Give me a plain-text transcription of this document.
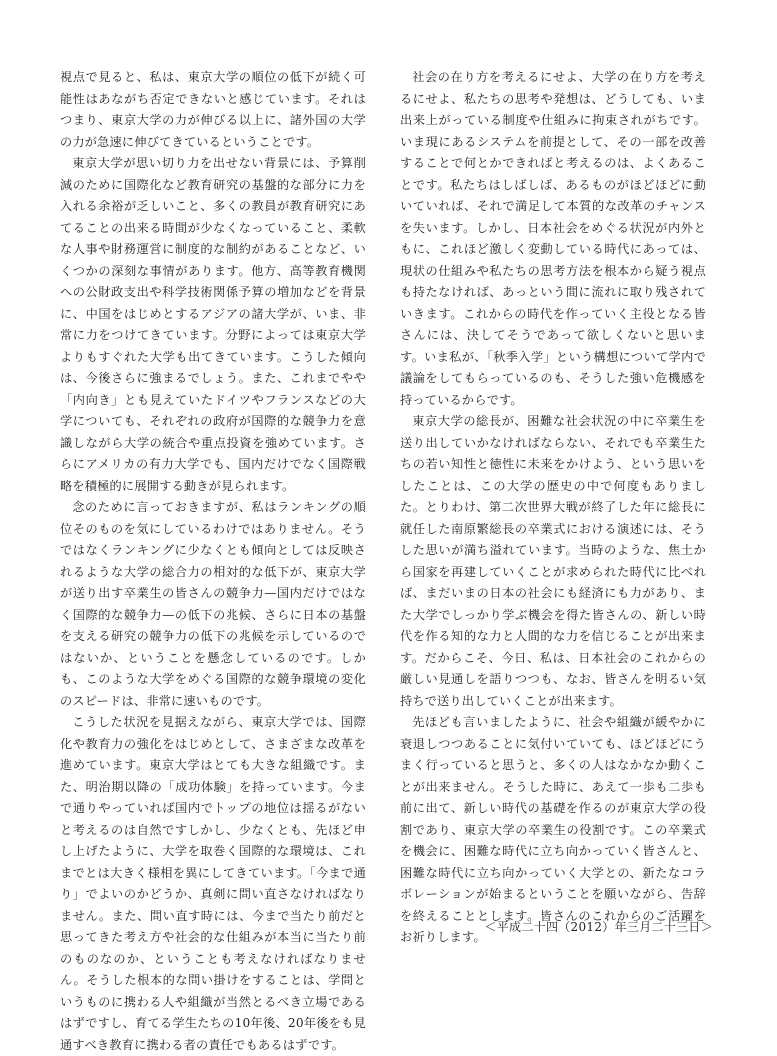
視点で見ると、私は、東京大学の順位の低下が続く可能性はあながち否定できないと感じています。それはつまり、東京大学の力が伸びる以上に、諸外国の大学の力が急速に伸びてきているということです。

東京大学が思い切り力を出せない背景には、予算削減のために国際化など教育研究の基盤的な部分に力を入れる余裕が乏しいこと、多くの教員が教育研究にあてることの出来る時間が少なくなっていること、柔軟な人事や財務運営に制度的な制約があることなど、いくつかの深刻な事情があります。他方、高等教育機関への公財政支出や科学技術関係予算の増加などを背景に、中国をはじめとするアジアの諸大学が、いま、非常に力をつけてきています。分野によっては東京大学よりもすぐれた大学も出てきています。こうした傾向は、今後さらに強まるでしょう。また、これまでやや「内向き」とも見えていたドイツやフランスなどの大学についても、それぞれの政府が国際的な競争力を意識しながら大学の統合や重点投資を強めています。さらにアメリカの有力大学でも、国内だけでなく国際戦略を積極的に展開する動きが見られます。

念のために言っておきますが、私はランキングの順位そのものを気にしているわけではありません。そうではなくランキングに少なくとも傾向としては反映されるような大学の総合力の相対的な低下が、東京大学が送り出す卒業生の皆さんの競争力—国内だけではなく国際的な競争力—の低下の兆候、さらに日本の基盤を支える研究の競争力の低下の兆候を示しているのではないか、ということを懸念しているのです。しかも、このような大学をめぐる国際的な競争環境の変化のスピードは、非常に速いものです。

こうした状況を見据えながら、東京大学では、国際化や教育力の強化をはじめとして、さまざまな改革を進めています。東京大学はとても大きな組織です。また、明治期以降の「成功体験」を持っています。今まで通りやっていれば国内でトップの地位は揺るがないと考えるのは自然ですしかし、少なくとも、先ほど申し上げたように、大学を取巻く国際的な環境は、これまでとは大きく様相を異にしてきています。「今まで通り」でよいのかどうか、真剣に問い直さなければなりません。また、問い直す時には、今まで当たり前だと思ってきた考え方や社会的な仕組みが本当に当たり前のものなのか、ということも考えなければなりません。そうした根本的な問い掛けをすることは、学問というものに携わる人や組織が当然とるべき立場であるはずですし、育てる学生たちの10年後、20年後をも見通すべき教育に携わる者の責任でもあるはずです。

社会の在り方を考えるにせよ、大学の在り方を考えるにせよ、私たちの思考や発想は、どうしても、いま出来上がっている制度や仕組みに拘束されがちです。いま現にあるシステムを前提として、その一部を改善することで何とかできればと考えるのは、よくあることです。私たちはしばしば、あるものがほどほどに動いていれば、それで満足して本質的な改革のチャンスを失います。しかし、日本社会をめぐる状況が内外ともに、これほど激しく変動している時代にあっては、現状の仕組みや私たちの思考方法を根本から疑う視点も持たなければ、あっという間に流れに取り残されていきます。これからの時代を作っていく主役となる皆さんには、決してそうであって欲しくないと思います。いま私が、「秋季入学」という構想について学内で議論をしてもらっているのも、そうした強い危機感を持っているからです。

東京大学の総長が、困難な社会状況の中に卒業生を送り出していかなければならない、それでも卒業生たちの若い知性と徳性に未来をかけよう、という思いをしたことは、この大学の歴史の中で何度もありました。とりわけ、第二次世界大戦が終了した年に総長に就任した南原繁総長の卒業式における演述には、そうした思いが満ち溢れています。当時のような、焦土から国家を再建していくことが求められた時代に比べれば、まだいまの日本の社会にも経済にも力があり、また大学でしっかり学ぶ機会を得た皆さんの、新しい時代を作る知的な力と人間的な力を信じることが出来ます。だからこそ、今日、私は、日本社会のこれからの厳しい見通しを語りつつも、なお、皆さんを明るい気持ちで送り出していくことが出来ます。

先ほども言いましたように、社会や組織が緩やかに衰退しつつあることに気付いていても、ほどほどにうまく行っていると思うと、多くの人はなかなか動くことが出来ません。そうした時に、あえて一歩も二歩も前に出て、新しい時代の基礎を作るのが東京大学の役割であり、東京大学の卒業生の役割です。この卒業式を機会に、困難な時代に立ち向かっていく皆さんと、困難な時代に立ち向かっていく大学との、新たなコラボレーションが始まるということを願いながら、告辞を終えることとします。皆さんのこれからのご活躍をお祈りします。

＜平成二十四（2012）年三月二十三日＞
